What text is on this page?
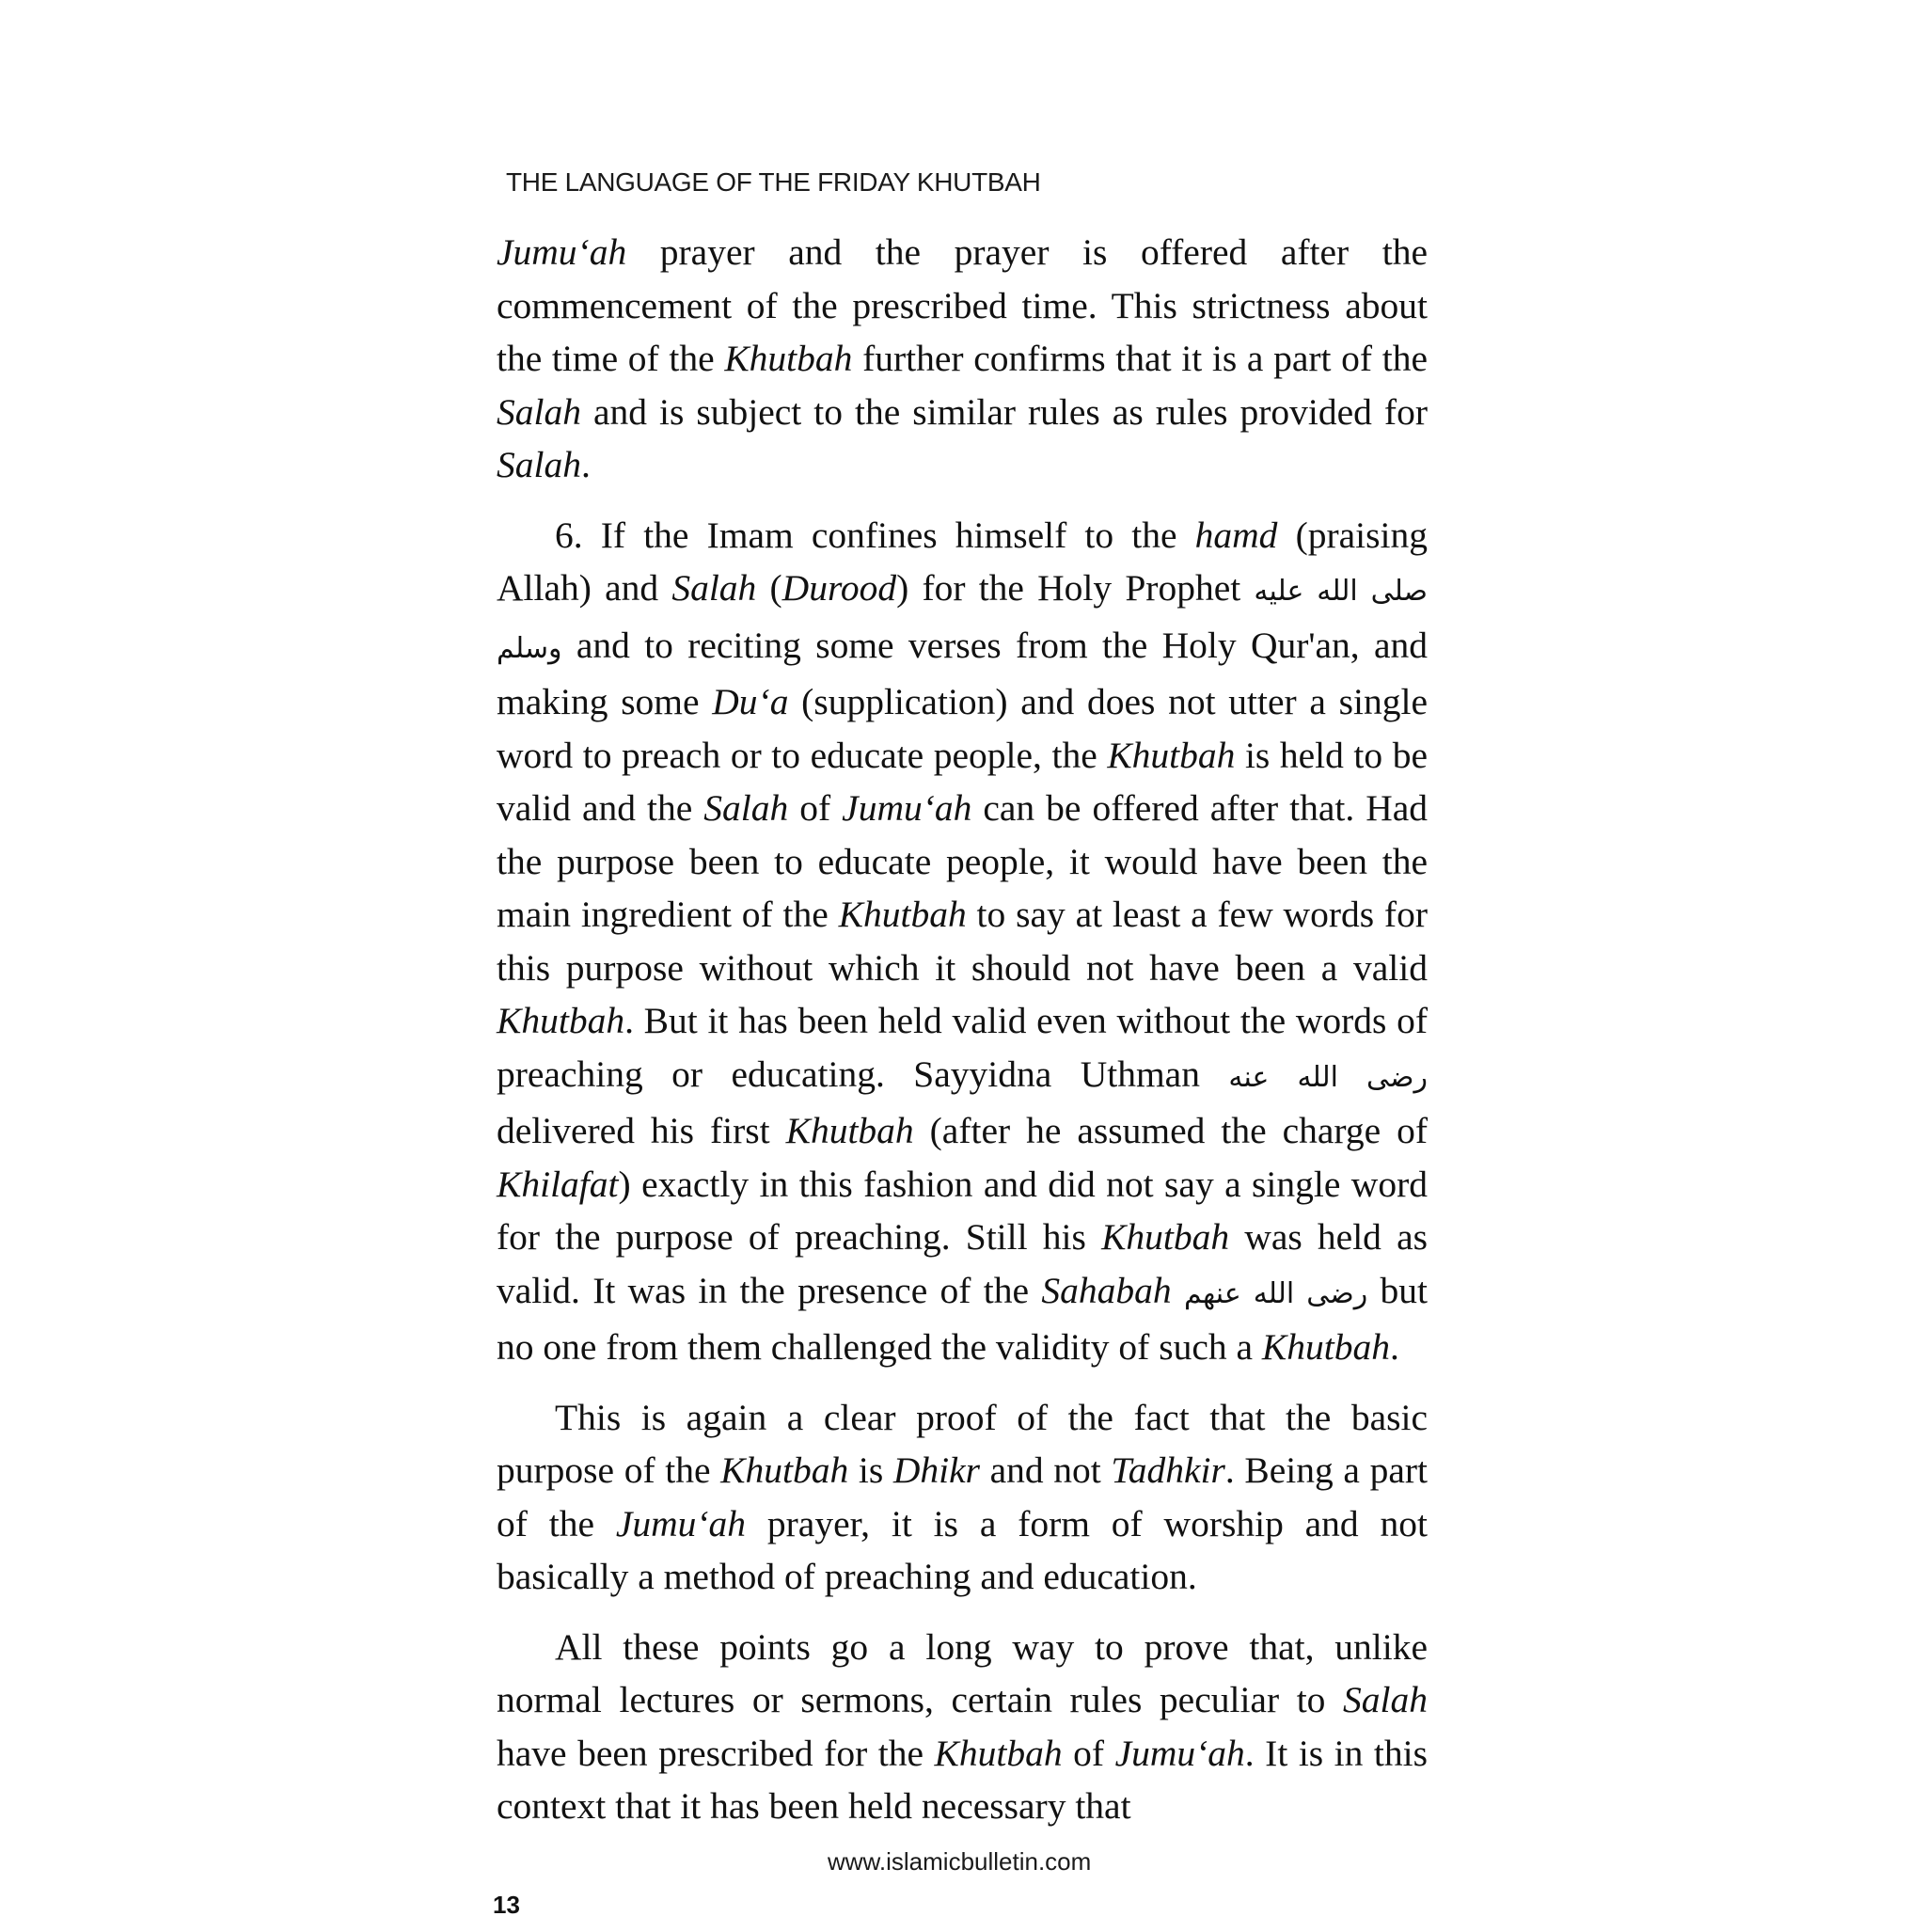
THE LANGUAGE OF THE FRIDAY KHUTBAH

Jumu‘ah prayer and the prayer is offered after the commencement of the prescribed time. This strictness about the time of the Khutbah further confirms that it is a part of the Salah and is subject to the similar rules as rules provided for Salah.

6. If the Imam confines himself to the hamd (praising Allah) and Salah (Durood) for the Holy Prophet صلى الله عليه وسلم and to reciting some verses from the Holy Qur'an, and making some Du‘a (supplication) and does not utter a single word to preach or to educate people, the Khutbah is held to be valid and the Salah of Jumu‘ah can be offered after that. Had the purpose been to educate people, it would have been the main ingredient of the Khutbah to say at least a few words for this purpose without which it should not have been a valid Khutbah. But it has been held valid even without the words of preaching or educating. Sayyidna Uthman رضى الله عنه delivered his first Khutbah (after he assumed the charge of Khilafat) exactly in this fashion and did not say a single word for the purpose of preaching. Still his Khutbah was held as valid. It was in the presence of the Sahabah رضى الله عنهم but no one from them challenged the validity of such a Khutbah.

This is again a clear proof of the fact that the basic purpose of the Khutbah is Dhikr and not Tadhkir. Being a part of the Jumu‘ah prayer, it is a form of worship and not basically a method of preaching and education.

All these points go a long way to prove that, unlike normal lectures or sermons, certain rules peculiar to Salah have been prescribed for the Khutbah of Jumu‘ah. It is in this context that it has been held necessary that

www.islamicbulletin.com
13
